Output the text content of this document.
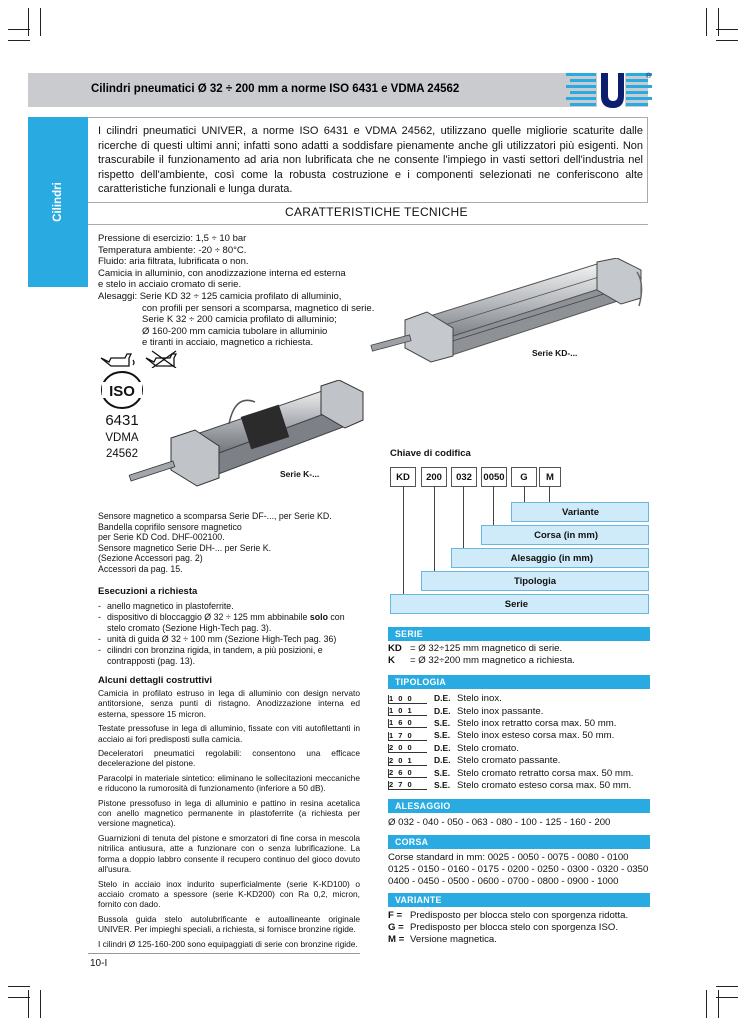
Cilindri pneumatici Ø 32 ÷ 200 mm a norme ISO 6431 e VDMA 24562
®
Cilindri
I cilindri pneumatici UNIVER, a norme ISO 6431 e VDMA 24562, utilizzano quelle migliorie scaturite dalle ricerche di questi ultimi anni; infatti sono adatti a soddisfare pienamente anche gli utilizzatori più esigenti. Non trascurabile il funzionamento ad aria non lubrificata che ne consente l'impiego in vasti settori dell'industria nel rispetto dell'ambiente, così come la robusta costruzione e i componenti selezionati ne conferiscono alte caratteristiche funzionali e lunga durata.
CARATTERISTICHE TECNICHE
Pressione di esercizio: 1,5 ÷ 10 bar
Temperatura ambiente: -20 ÷ 80°C.
Fluido: aria filtrata, lubrificata o non.
Camicia in alluminio, con anodizzazione interna ed esterna
e stelo in acciaio cromato di serie.
Alesaggi: Serie KD 32 ÷ 125 camicia profilato di alluminio,
con profili per sensori a scomparsa, magnetico di serie.
Serie K 32 ÷ 200 camicia profilato di alluminio;
Ø 160-200 mm camicia tubolare in alluminio
e tiranti in acciaio, magnetico a richiesta.
ISO
6431
VDMA
24562
Serie KD-...
Serie K-...
Sensore magnetico a scomparsa Serie DF-..., per Serie KD.
Bandella coprifilo sensore magnetico
per Serie KD Cod. DHF-002100.
Sensore magnetico Serie DH-... per Serie K.
(Sezione Accessori pag. 2)
Accessori da pag. 15.
Esecuzioni a richiesta
- anello magnetico in plastoferrite.
- dispositivo di bloccaggio Ø 32 ÷ 125 mm abbinabile solo con stelo cromato (Sezione High-Tech pag. 3).
- unità di guida Ø 32 ÷ 100 mm (Sezione High-Tech pag. 36)
- cilindri con bronzina rigida, in tandem, a più posizioni, e contrapposti (pag. 13).
Alcuni dettagli costruttivi

Camicia in profilato estruso in lega di alluminio con design nervato antitorsione, senza punti di ristagno. Anodizzazione interna ed esterna, spessore 15 micron.

Testate pressofuse in lega di alluminio, fissate con viti autofilettanti in acciaio ai fori predisposti sulla camicia.

Deceleratori pneumatici regolabili: consentono una efficace decelerazione del pistone.

Paracolpi in materiale sintetico: eliminano le sollecitazioni meccaniche e riducono la rumorosità di funzionamento (inferiore a 50 dB).

Pistone pressofuso in lega di alluminio e pattino in resina acetalica con anello magnetico permanente in plastoferrite (a richiesta per versione magnetica).

Guarnizioni di tenuta del pistone e smorzatori di fine corsa in mescola nitrilica antiusura, atte a funzionare con o senza lubrificazione. La forma a doppio labbro consente il recupero continuo del gioco dovuto all'usura.

Stelo in acciaio inox indurito superficialmente (serie K-KD100) o acciaio cromato a spessore (serie K-KD200) con Ra 0,2, micron, fornito con dado.

Bussola guida stelo autolubrificante e autoallineante originale UNIVER. Per impieghi speciali, a richiesta, si fornisce bronzine rigide.

I cilindri Ø 125-160-200 sono equipaggiati di serie con bronzine rigide.

10-I
Chiave di codifica
KD	200	032	0050	G	M
Variante
Corsa (in mm)
Alesaggio (in mm)
Tipologia
Serie
SERIE
KD = Ø 32÷125 mm magnetico di serie.
K = Ø 32÷200 mm magnetico a richiesta.
TIPOLOGIA
1 0 0	D.E. Stelo inox.
1 0 1	D.E. Stelo inox passante.
1 6 0	S.E. Stelo inox retratto corsa max. 50 mm.
1 7 0	S.E. Stelo inox esteso corsa max. 50 mm.
2 0 0	D.E. Stelo cromato.
2 0 1	D.E. Stelo cromato passante.
2 6 0	S.E. Stelo cromato retratto corsa max. 50 mm.
2 7 0	S.E. Stelo cromato esteso corsa max. 50 mm.
ALESAGGIO
Ø 032 - 040 - 050 - 063 - 080 - 100 - 125 - 160 - 200
CORSA
Corse standard in mm: 0025 - 0050 - 0075 - 0080 - 0100 0125 - 0150 - 0160 - 0175 - 0200 - 0250 - 0300 - 0320 - 0350 0400 - 0450 - 0500 - 0600 - 0700 - 0800 - 0900 - 1000
VARIANTE
F = Predisposto per blocca stelo con sporgenza ridotta.
G = Predisposto per blocca stelo con sporgenza ISO.
M = Versione magnetica.
